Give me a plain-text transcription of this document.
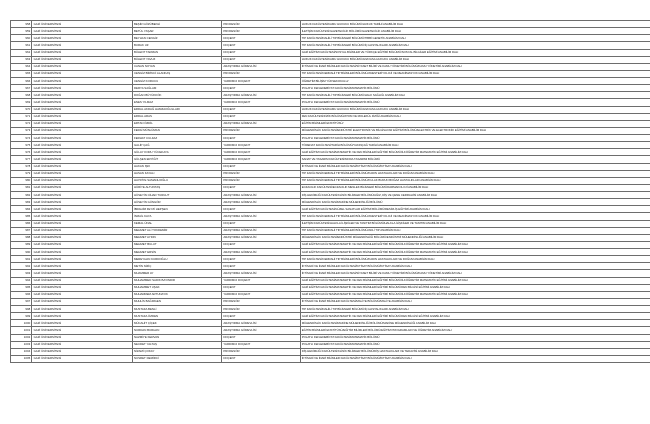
958	GAZİ ÜNİVERSİTESİ	BEŞİR GÖZÜBENLİ	PROFESÖR	HUKUK FAKÜLTESİ/KAMU HUKUKU BÖLÜMÜ/HUKUK TARİHİ ANABİLİM DALI
959	GAZİ ÜNİVERSİTESİ	BETÜL YAŞAR	PROFESÖR	İLETİŞİM FAKÜLTESİ/GAZETECİLİK BÖLÜMÜ/GAZETECİLİK ANABİLİM DALI
960	GAZİ ÜNİVERSİTESİ	BEYHAN CENGİZ	DOÇENT	TIP FAKÜLTESİ/DAHİLİ TIP BİLİMLERİ BÖLÜMÜ/TIBBİ GENETİK ANABİLİM DALI
961	GAZİ ÜNİVERSİTESİ	BURAK UZ	DOÇENT	TIP FAKÜLTESİ/DAHİLİ TIP BİLİMLERİ BÖLÜMÜ/İÇ HASTALIKLARI ANABİLİM DALI
962	GAZİ ÜNİVERSİTESİ	BÜLENT TARMAN	DOÇENT	GAZİ EĞİTİM FAKÜLTESİ/SOSYAL BİLİMLER VE TÜRKÇE EĞİTİMİ BÖLÜMÜ/SOSYAL BİLGİLER EĞİTİMİ ANABİLİM DALI
963	GAZİ ÜNİVERSİTESİ	BÜLENT YAVUZ	DOÇENT	HUKUK FAKÜLTESİ/KAMU HUKUKU BÖLÜMÜ/ANAYASA HUKUKU ANABİLİM DALI
964	GAZİ ÜNİVERSİTESİ	CANAN NOYAN	ARAŞTIRMA GÖREVLİSİ	İKTİSADİ VE İDARİ BİLİMLER FAKÜLTESİ/SİYASET BİLİMİ VE KAMU YÖNETİMİ BÖLÜMÜ/KAMU YÖNETİMİ ANABİLİM DALI
965	GAZİ ÜNİVERSİTESİ	CENGİZ BİRİNCİ ALANKAŞ	PROFESÖR	TIP FAKÜLTESİ/CERRAHİ TIP BİLİMLERİ BÖLÜMÜ/ANESTEZİYOLOJİ VE REANİMASYON ANABİLİM DALI
966	GAZİ ÜNİVERSİTESİ	CENGİZ KORUCU	YARDIMCI DOÇENT	ÖĞRETİM BİLİŞİM YÜKSEKOKULU/
967	GAZİ ÜNİVERSİTESİ	DERYA SAĞLAM	DOÇENT	POLATLI FEN-EDEBİYAT FAKÜLTESİ/MATEMATİK BÖLÜMÜ
968	GAZİ ÜNİVERSİTESİ	DOĞAN BÜYÜKKÖK	ARAŞTIRMA GÖREVLİSİ	TIP FAKÜLTESİ/DAHİLİ TIP BİLİMLERİ BÖLÜMÜ/HALK SAĞLIĞI ANABİLİM DALI
969	GAZİ ÜNİVERSİTESİ	ENES YILMAZ	YARDIMCI DOÇENT	POLATLI FEN-EDEBİYAT FAKÜLTESİ/MATEMATİK BÖLÜMÜ
970	GAZİ ÜNİVERSİTESİ	ERDAL AKDAĞ HAMZAOĞULLARI	DOÇENT	HUKUK FAKÜLTESİ/KAMU HUKUKU BÖLÜMÜ/ANAYASA HUKUKU ANABİLİM DALI
971	GAZİ ÜNİVERSİTESİ	ERDAL ARAS	DOÇENT	FEN FAKÜLTESİ/FİZİK BÖLÜMÜ/ATOM VE MOLEKÜL FİZİĞİ ANABİLİM DALI
972	GAZİ ÜNİVERSİTESİ	ERTAN ÖZDİL	ARAŞTIRMA GÖREVLİSİ	EĞİTİM BİLİMLERİ ENSTİTÜSÜ/
973	GAZİ ÜNİVERSİTESİ	FERAİ MÜSLÜMAN	PROFESÖR	MÜHENDİSLİK FAKÜLTESİ/ENDÜSTRİ ELEKTRONİK VE BİLGİSAYAR EĞİTİMİ BÖLÜMÜ/ELEKTRİK VE ELEKTRONİK EĞİTİMİ ANABİLİM DALI
974	GAZİ ÜNİVERSİTESİ	FERHAT CULFAZ	DOÇENT	POLATLI FEN-EDEBİYAT FAKÜLTESİ/MATEMATİK BÖLÜMÜ
975	GAZİ ÜNİVERSİTESİ	GALİP ÇAĞ	YARDIMCI DOÇENT	TÖRENAT FAKÜLTESİ/TARİH BÖLÜMÜ/YAKINÇAĞ TARİHİ ANABİLİM DALI
976	GAZİ ÜNİVERSİTESİ	GÜLAY KORU YÜCEKAYA	YARDIMCI DOÇENT	GAZİ EĞİTİM FAKÜLTESİ/MATEMATİK VE FEN BİLİMLERİ EĞİTİMİ BÖLÜMÜ/İLKÖĞRETİM MATEMATİK EĞİTİMİ ANABİLİM DALI
977	GAZİ ÜNİVERSİTESİ	GÜLŞEN ERYİĞİT	YARDIMCI DOÇENT	SANAT VE TASARIM FAKÜLTESİ/MODA TASARIMI BÖLÜMÜ
978	GAZİ ÜNİVERSİTESİ	HAKAN IŞIK	DOÇENT	İKTİSADİ VE İDARİ BİLİMLER FAKÜLTESİ/İKTİSAT BÖLÜMÜ/İKTİSAT ANABİLİM DALI
979	GAZİ ÜNİVERSİTESİ	HASAN KAYALI	PROFESÖR	TIP FAKÜLTESİ/CERRAHİ TIP BİLİMLERİ BÖLÜMÜ/KADIN HASTALIKLARI VE DOĞUM ANABİLİM DALI
980	GAZİ ÜNİVERSİTESİ	HAYRİYE SAMANLIOĞLU	PROFESÖR	TIP FAKÜLTESİ/CERRAHİ TIP BİLİMLERİ BÖLÜMÜ/KULAK BURUN BOĞAZ HASTALIKLARI ANABİLİM DALI
981	GAZİ ÜNİVERSİTESİ	HÜRİYE ALTUNTAŞ	DOÇENT	ECZACILIK FAKÜLTESİ/ECZACILIK MESLEK BİLİMLERİ BÖLÜMÜ/FARMAKOLOJİ ANABİLİM DALI
982	GAZİ ÜNİVERSİTESİ	HÜSEYİN CİHAD TURGUT	ARAŞTIRMA GÖREVLİSİ	DİŞ HEKİMLİĞİ FAKÜLTESİ/KLİNİK BİLİMLER BÖLÜMÜ/AĞIZ, DİŞ VE ÇENE CERRAHİSİ ANABİLİM DALI
983	GAZİ ÜNİVERSİTESİ	HÜSEYİN GÜNGÖR	ARAŞTIRMA GÖREVLİSİ	MÜHENDİSLİK FAKÜLTESİ/MAKİNE MÜHENDİSLİĞİ BÖLÜMÜ
984	GAZİ ÜNİVERSİTESİ	İBRAHİM FEYZİ HEPŞEN	DOÇENT	GAZİ EĞİTİM FAKÜLTESİ/GÜZEL SANATLAR EĞİTİMİ BÖLÜMÜ/RESİM-İŞ EĞİTİMİ ANABİLİM DALI
985	GAZİ ÜNİVERSİTESİ	İSMAİL KAYA	ARAŞTIRMA GÖREVLİSİ	TIP FAKÜLTESİ/CERRAHİ TIP BİLİMLERİ BÖLÜMÜ/ANESTEZİYOLOJİ VE REANİMASYON ANABİLİM DALI
986	GAZİ ÜNİVERSİTESİ	KEMAL ÜNAL	DOÇENT	İLETİŞİM FAKÜLTESİ/HALKLA İLİŞKİLER VE TANITIM BÖLÜMÜ/HALKLA İLİŞKİLER VE TANITIM ANABİLİM DALI
987	GAZİ ÜNİVERSİTESİ	MEHMET ALİ TOKDEMİR	ARAŞTIRMA GÖREVLİSİ	TIP FAKÜLTESİ/CERRAHİ TIP BİLİMLERİ BÖLÜMÜ/ADLİ TIP ANABİLİM DALI
988	GAZİ ÜNİVERSİTESİ	MEHMET AYDIN	ARAŞTIRMA GÖREVLİSİ	MÜHENDİSLİK FAKÜLTESİ/ENDÜSTRİ MÜHENDİSLİĞİ BÖLÜMÜ/ENDÜSTRİ MÜHENDİSLİĞİ ANABİLİM DALI
989	GAZİ ÜNİVERSİTESİ	MEHMET BULUT	DOÇENT	GAZİ EĞİTİM FAKÜLTESİ/MATEMATİK VE FEN BİLİMLERİ EĞİTİMİ BÖLÜMÜ/İLKÖĞRETİM MATEMATİK EĞİTİMİ ANABİLİM DALI
990	GAZİ ÜNİVERSİTESİ	MEHMET ERSİN	ARAŞTIRMA GÖREVLİSİ	GAZİ EĞİTİM FAKÜLTESİ/MATEMATİK VE FEN BİLİMLERİ EĞİTİMİ BÖLÜMÜ/İLKÖĞRETİM MATEMATİK EĞİTİMİ ANABİLİM DALI
991	GAZİ ÜNİVERSİTESİ	MEREYHAN KURDOĞLU	DOÇENT	TIP FAKÜLTESİ/CERRAHİ TIP BİLİMLERİ BÖLÜMÜ/KADIN HASTALIKLARI VE DOĞUM ANABİLİM DALI
992	GAZİ ÜNİVERSİTESİ	METİN NİZİÇ	DOÇENT	İKTİSADİ VE İDARİ BİLİMLER FAKÜLTESİ/İKTİSAT BÖLÜMÜ/İKTİSAT ANABİLİM DALI
993	GAZİ ÜNİVERSİTESİ	MUAMMER AY	ARAŞTIRMA GÖREVLİSİ	İKTİSADİ VE İDARİ BİLİMLER FAKÜLTESİ/SİYASET BİLİMİ VE KAMU YÖNETİMİ BÖLÜMÜ/KAMU YÖNETİMİ ANABİLİM DALI
994	GAZİ ÜNİVERSİTESİ	MUHAMMED SADIK BAYINDIR	YARDIMCI DOÇENT	GAZİ EĞİTİM FAKÜLTESİ/MATEMATİK VE FEN BİLİMLERİ EĞİTİMİ BÖLÜMÜ/İLKÖĞRETİM MATEMATİK EĞİTİMİ ANABİLİM DALI
995	GAZİ ÜNİVERSİTESİ	MUHAMMET UŞAK	DOÇENT	GAZİ EĞİTİM FAKÜLTESİ/MATEMATİK VE FEN BİLİMLERİ EĞİTİMİ BÖLÜMÜ/FEN BİLGİSİ EĞİTİMİ ANABİLİM DALI
996	GAZİ ÜNİVERSİTESİ	MUHARREM ARTUNAYIK	YARDIMCI DOÇENT	GAZİ EĞİTİM FAKÜLTESİ/MATEMATİK VE FEN BİLİMLERİ EĞİTİMİ BÖLÜMÜ/İLKÖĞRETİM MATEMATİK EĞİTİMİ ANABİLİM DALI
997	GAZİ ÜNİVERSİTESİ	MUHLİS BAĞIRGEN	PROFESÖR	İKTİSADİ VE İDARİ BİLİMLER FAKÜLTESİ/MALİYE BÖLÜMÜ/MALİYE ANABİLİM DALI
998	GAZİ ÜNİVERSİTESİ	MUSTAFA BENLİ	PROFESÖR	TIP FAKÜLTESİ/DAHİLİ TIP BİLİMLERİ BÖLÜMÜ/İÇ HASTALIKLARI ANABİLİM DALI
999	GAZİ ÜNİVERSİTESİ	MUSTAFA ÖZDEN	DOÇENT	GAZİ EĞİTİM FAKÜLTESİ/MATEMATİK VE FEN BİLİMLERİ EĞİTİMİ BÖLÜMÜ/FEN BİLGİSİ EĞİTİMİ ANABİLİM DALI
1000	GAZİ ÜNİVERSİTESİ	MÜCAHİT ÇİÇEK	ARAŞTIRMA GÖREVLİSİ	MÜHENDİSLİK FAKÜLTESİ/MAKİNE MÜHENDİSLİĞİ BÖLÜMÜ/MAKİNE MÜHENDİSLİĞİ ANABİLİM DALI
1001	GAZİ ÜNİVERSİTESİ	NURDAN BURHAN	ARAŞTIRMA GÖREVLİSİ	EĞİTİM BİLİMLERİ ENSTİTÜSÜ/EĞİTİM BİLİMLERİ BÖLÜMÜ/EĞİTİM PROGRAMLARI VE ÖĞRETİM ANABİLİM DALI
1002	GAZİ ÜNİVERSİTESİ	NAZMİYE KERVAN	DOÇENT	POLATLI FEN-EDEBİYAT FAKÜLTESİ/MATEMATİK BÖLÜMÜ
1003	GAZİ ÜNİVERSİTESİ	NECDET YALTAŞ	YARDIMCI DOÇENT	POLATLI FEN-EDEBİYAT FAKÜLTESİ/MATEMATİK BÖLÜMÜ
1004	GAZİ ÜNİVERSİTESİ	NİZAMİ ÇOKAY	PROFESÖR	DİŞ HEKİMLİĞİ FAKÜLTESİ/KLİNİK BİLİMLER BÖLÜMÜ/DİŞ HASTALIKLARI VE TEDAVİSİ ANABİLİM DALI
1005	GAZİ ÜNİVERSİTESİ	NUSRET DEMİRCİ	DOÇENT	İKTİSADİ VE İDARİ BİLİMLER FAKÜLTESİ/İKTİSAT BÖLÜMÜ/İKTİSAT ANABİLİM DALI
